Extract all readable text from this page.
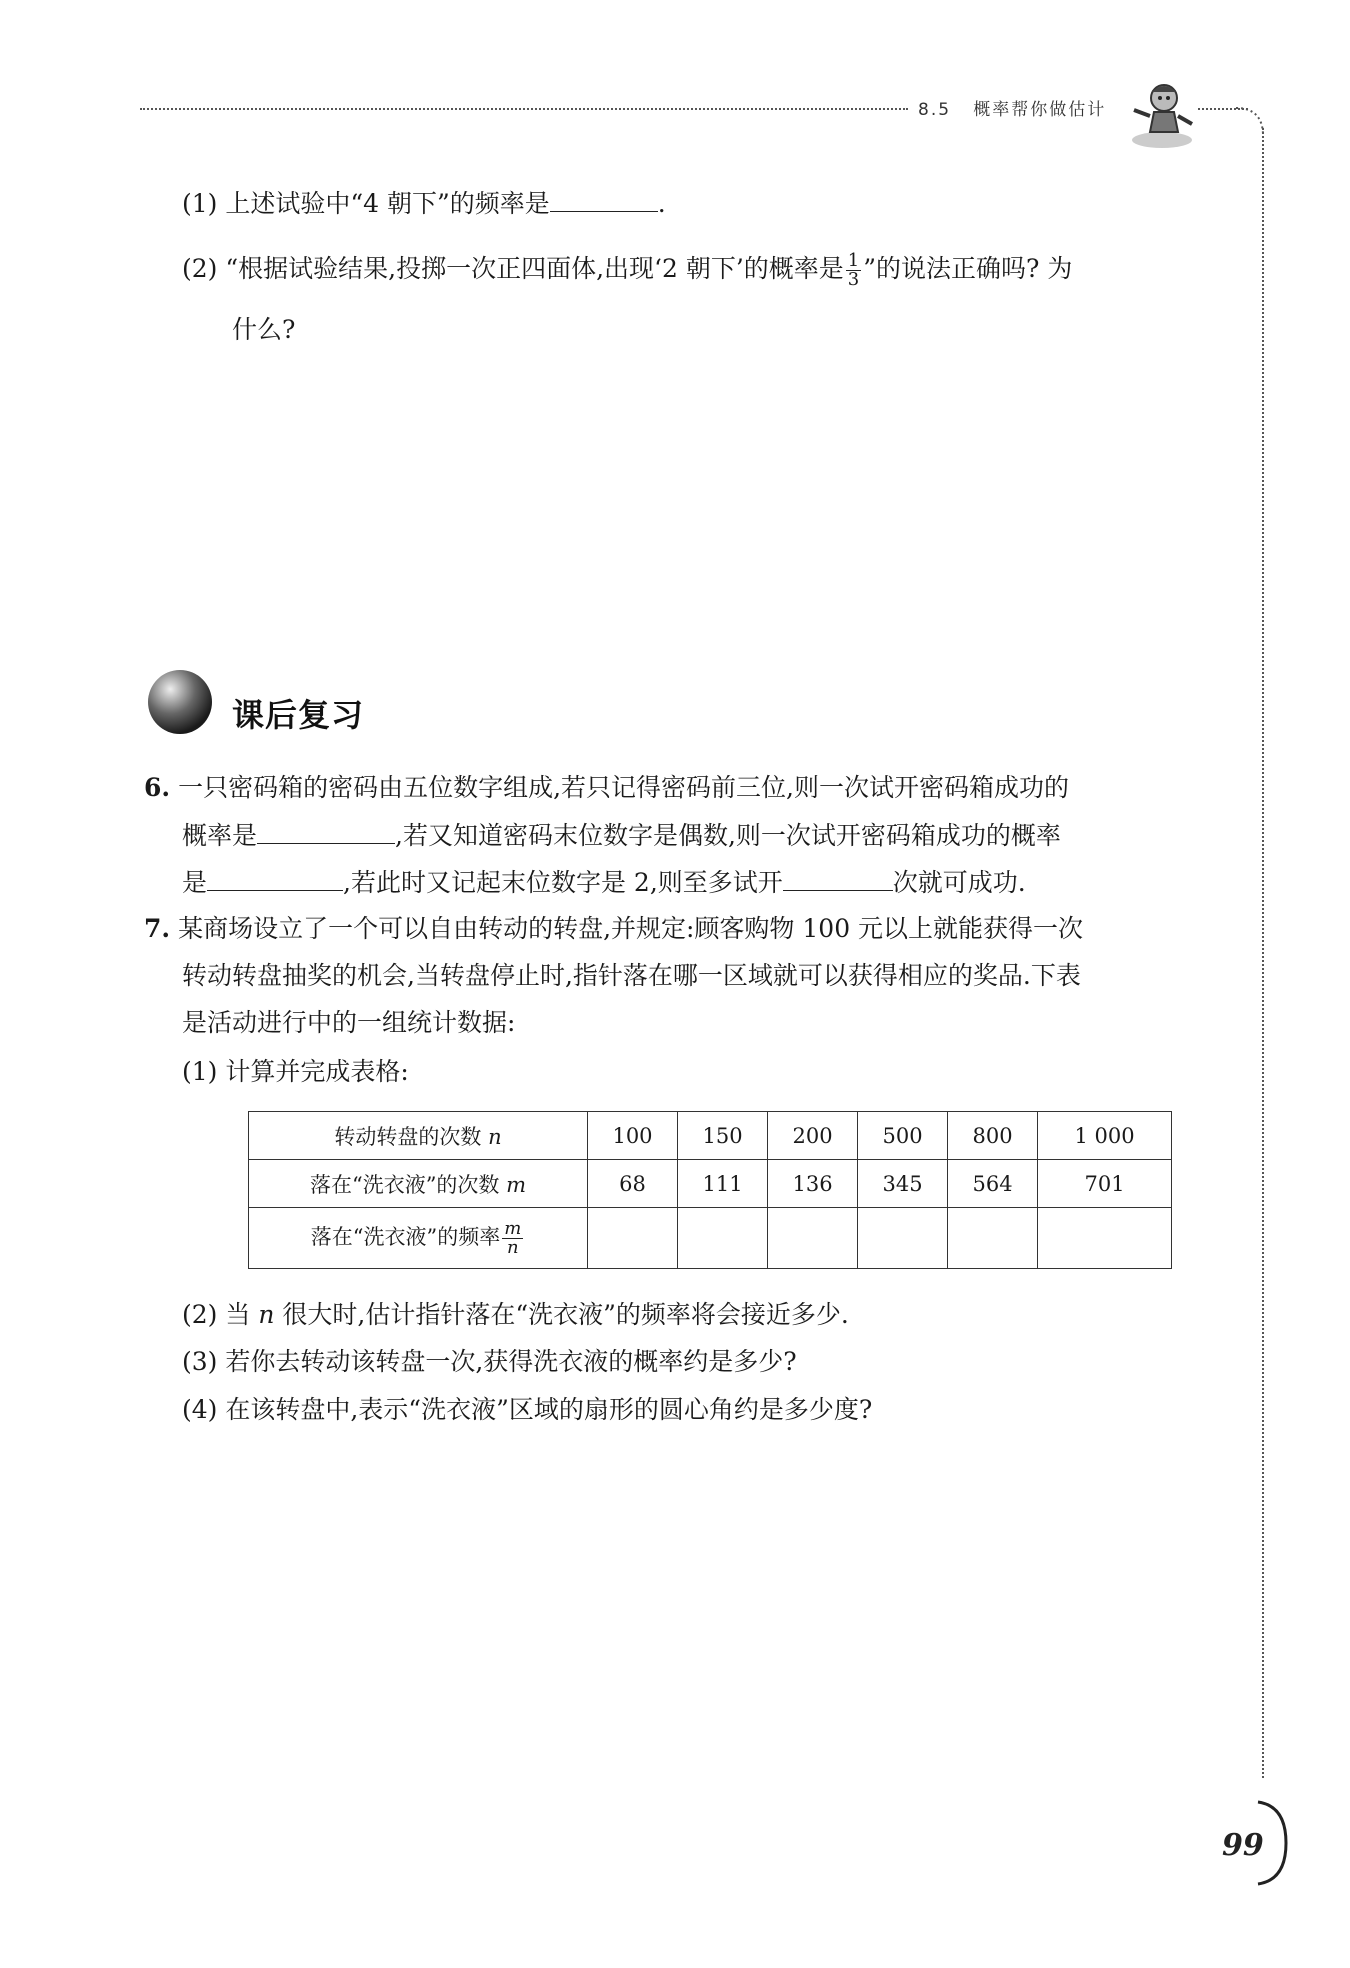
8.5 概率帮你做估计
(1) 上述试验中“4 朝下”的频率是	.
(2) “根据试验结果,投掷一次正四面体,出现‘2 朝下’的概率是 $\frac{1}{3}$ ”的说法正确吗? 为
什么?
课后复习
6. 一只密码箱的密码由五位数字组成,若只记得密码前三位,则一次试开密码箱成功的
概率是	,若又知道密码末位数字是偶数,则一次试开密码箱成功的概率
是	,若此时又记起末位数字是 2,则至多试开	次就可成功.
7. 某商场设立了一个可以自由转动的转盘,并规定:顾客购物 100 元以上就能获得一次
转动转盘抽奖的机会,当转盘停止时,指针落在哪一区域就可以获得相应的奖品.下表
是活动进行中的一组统计数据:
(1) 计算并完成表格:
转动转盘的次数 n	100	150	200	500	800	1 000
落在“洗衣液”的次数 m	68	111	136	345	564	701
落在“洗衣液”的频率 $\frac{m}{n}$

(2) 当 n 很大时,估计指针落在“洗衣液”的频率将会接近多少.
(3) 若你去转动该转盘一次,获得洗衣液的概率约是多少?
(4) 在该转盘中,表示“洗衣液”区域的扇形的圆心角约是多少度?
99
